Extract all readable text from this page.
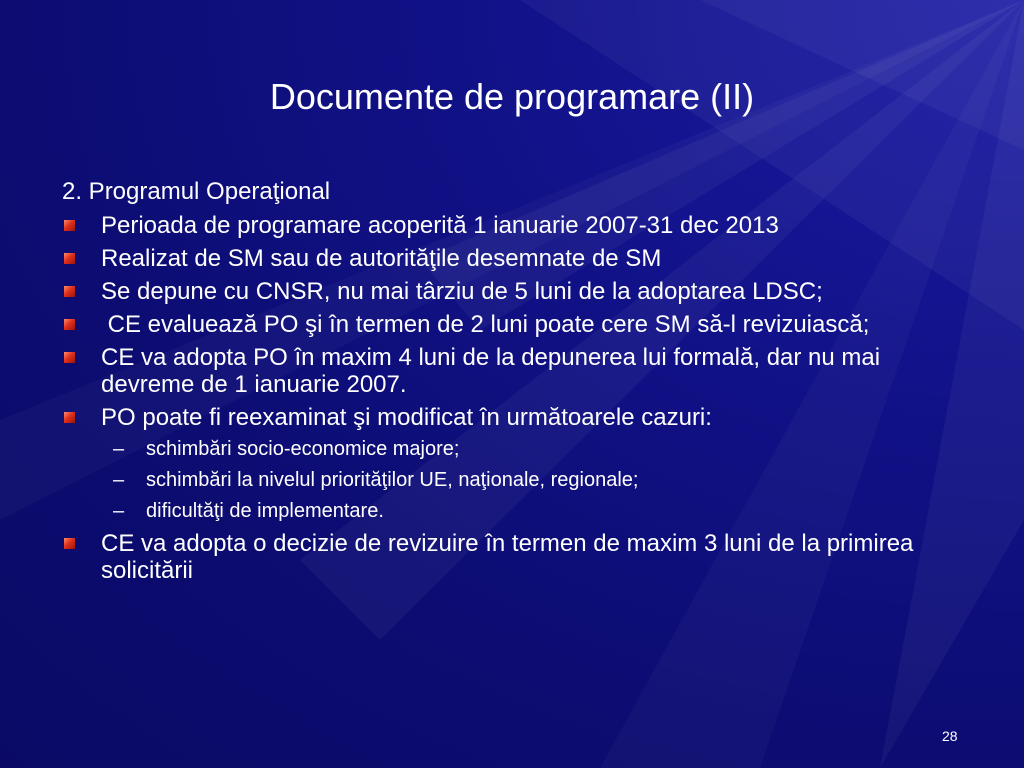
Documente de programare (II)
2. Programul Operaţional
Perioada de programare acoperită 1 ianuarie 2007-31 dec 2013
Realizat de SM sau de autorităţile desemnate de SM
Se depune cu CNSR, nu mai târziu de 5 luni de la adoptarea LDSC;
CE evaluează PO şi în termen de 2 luni poate cere SM să-l revizuiască;
CE va adopta PO în maxim 4 luni de la depunerea lui formală, dar nu mai devreme de 1 ianuarie 2007.
PO poate fi reexaminat şi modificat în următoarele cazuri:
– schimbări socio-economice majore;
– schimbări la nivelul priorităţilor UE, naţionale, regionale;
– dificultăţi de implementare.
CE va adopta o decizie de revizuire în termen de maxim 3 luni de la primirea solicitării
28
